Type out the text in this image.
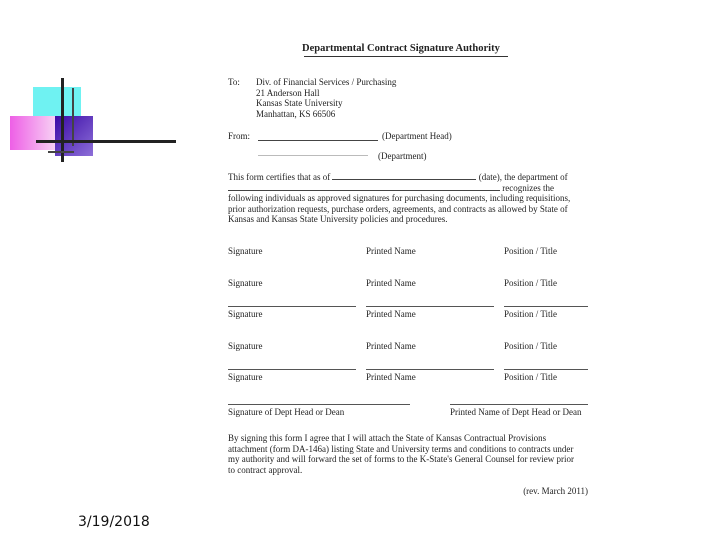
Departmental Contract Signature Authority
To: Div. of Financial Services / Purchasing
21 Anderson Hall
Kansas State University
Manhattan, KS 66506
From:	(Department Head)
(Department)
This form certifies that as of	(date), the department of
recognizes the
following individuals as approved signatures for purchasing documents, including requisitions,
prior authorization requests, purchase orders, agreements, and contracts as allowed by State of
Kansas and Kansas State University policies and procedures.
Signature	Printed Name	Position / Title
Signature	Printed Name	Position / Title
Signature	Printed Name	Position / Title
Signature	Printed Name	Position / Title
Signature	Printed Name	Position / Title
Signature of Dept Head or Dean	Printed Name of Dept Head or Dean
By signing this form I agree that I will attach the State of Kansas Contractual Provisions
attachment (form DA-146a) listing State and University terms and conditions to contracts under
my authority and will forward the set of forms to the K-State's General Counsel for review prior
to contract approval.
(rev. March 2011)
3/19/2018
